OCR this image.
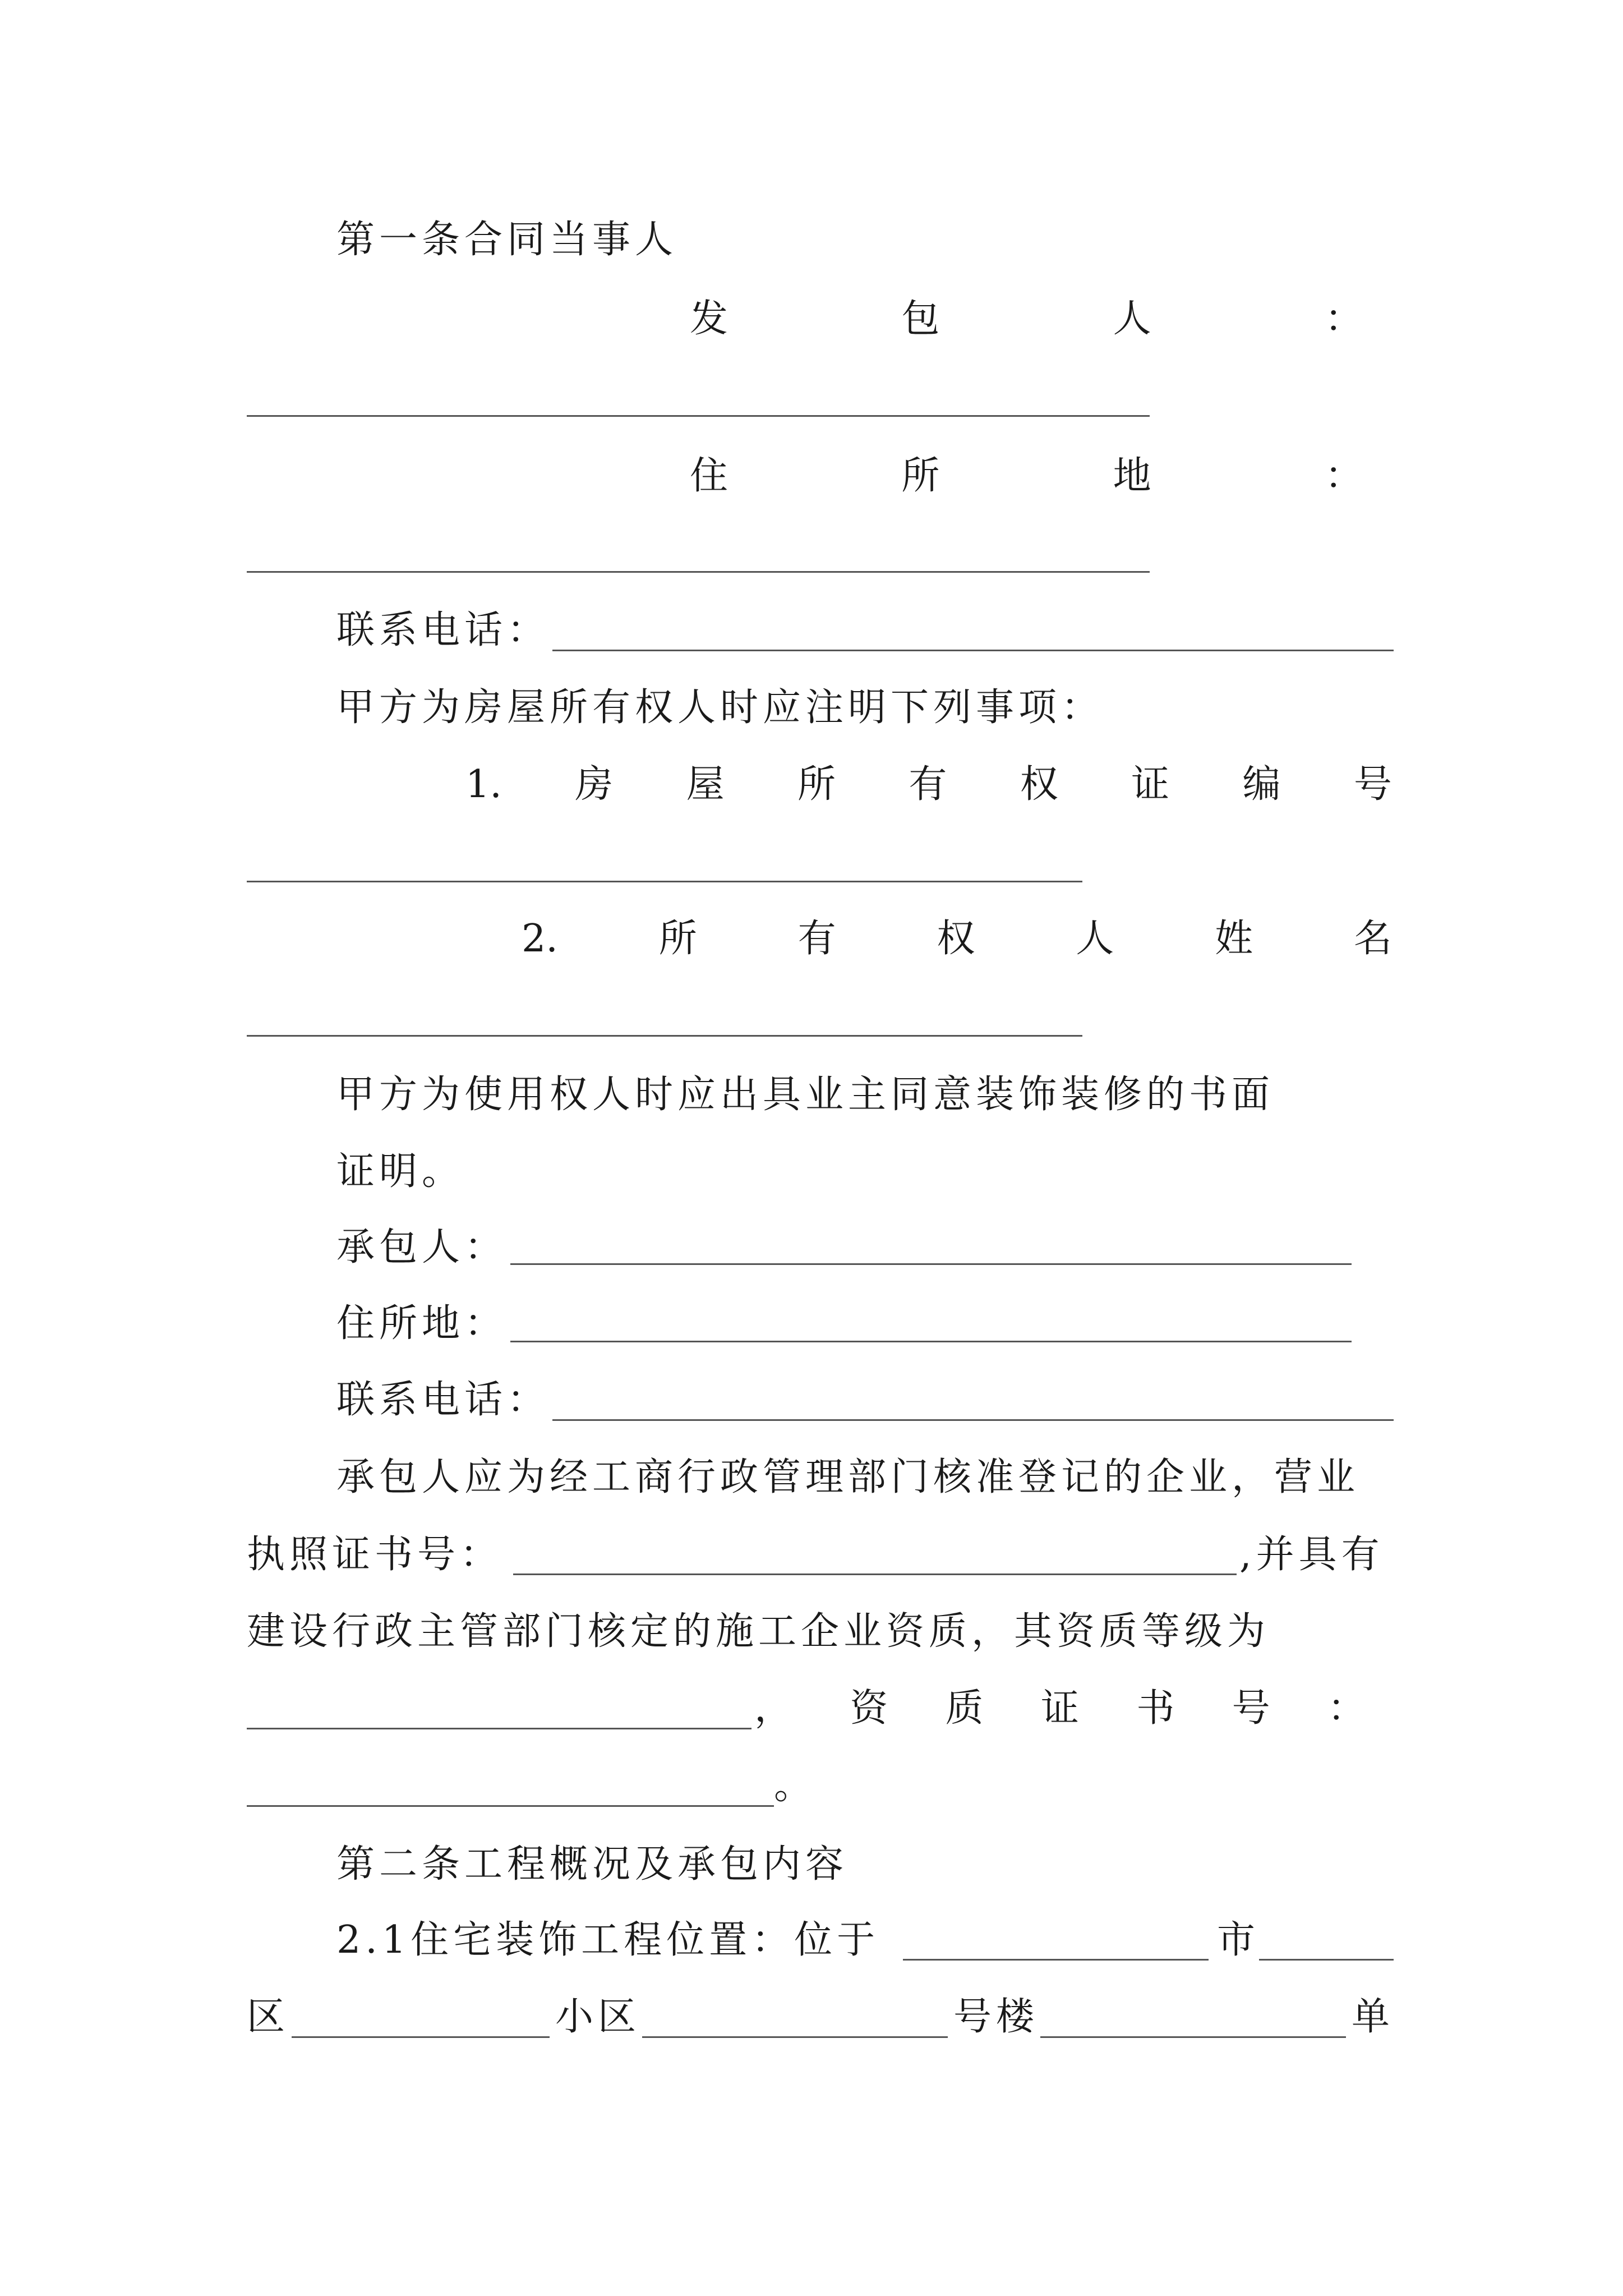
第一条合同当事人
发	包	人	：
住	所	地	：
联系电话：
甲方为房屋所有权人时应注明下列事项：
1. 房 屋 所 有 权 证 编 号
2.	所	有	权	人	姓	名
甲方为使用权人时应出具业主同意装饰装修的书面
证明。
承包人：
住所地：
联系电话：
承包人应为经工商行政管理部门核准登记的企业，营业
执照证书号：	,并具有
建设行政主管部门核定的施工企业资质，其资质等级为
， 资 质 证 书 号 ：
。
第二条工程概况及承包内容
2.1住宅装饰工程位置：位于	市
区	小区	号楼	单
